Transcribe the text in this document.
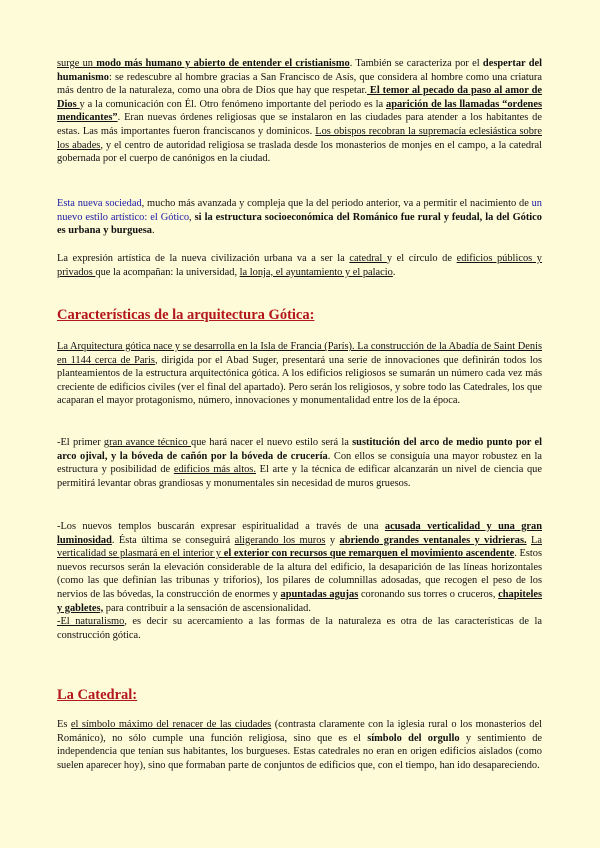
surge un modo más humano y abierto de entender el cristianismo. También se caracteriza por el despertar del humanismo: se redescubre al hombre gracias a San Francisco de Asís, que considera al hombre como una criatura más dentro de la naturaleza, como una obra de Dios que hay que respetar. El temor al pecado da paso al amor de Dios y a la comunicación con Él. Otro fenómeno importante del periodo es la aparición de las llamadas “ordenes mendicantes”. Eran nuevas órdenes religiosas que se instalaron en las ciudades para atender a los habitantes de estas. Las más importantes fueron franciscanos y dominicos. Los obispos recobran la supremacía eclesiástica sobre los abades, y el centro de autoridad religiosa se traslada desde los monasterios de monjes en el campo, a la catedral gobernada por el cuerpo de canónigos en la ciudad.

Esta nueva sociedad, mucho más avanzada y compleja que la del periodo anterior, va a permitir el nacimiento de un nuevo estilo artístico: el Gótico, si la estructura socioeconómica del Románico fue rural y feudal, la del Gótico es urbana y burguesa.

La expresión artística de la nueva civilización urbana va a ser la catedral y el círculo de edificios públicos y privados que la acompañan: la universidad, la lonja, el ayuntamiento y el palacio.

Características de la arquitectura Gótica:

La Arquitectura gótica nace y se desarrolla en la Isla de Francia (París). La construcción de la Abadía de Saint Denis en 1144 cerca de Paris, dirigida por el Abad Suger, presentará una serie de innovaciones que definirán todos los planteamientos de la estructura arquitectónica gótica. A los edificios religiosos se sumarán un número cada vez más creciente de edificios civiles (ver el final del apartado). Pero serán los religiosos, y sobre todo las Catedrales, los que acaparan el mayor protagonismo, número, innovaciones y monumentalidad entre los de la época.

-El primer gran avance técnico que hará nacer el nuevo estilo será la sustitución del arco de medio punto por el arco ojival, y la bóveda de cañón por la bóveda de crucería. Con ellos se consiguía una mayor robustez en la estructura y posibilidad de edificios más altos. El arte y la técnica de edificar alcanzarán un nivel de ciencia que permitirá levantar obras grandiosas y monumentales sin necesidad de muros gruesos.

-Los nuevos templos buscarán expresar espiritualidad a través de una acusada verticalidad y una gran luminosidad. Ésta última se conseguirá aligerando los muros y abriendo grandes ventanales y vidrieras. La verticalidad se plasmará en el interior y el exterior con recursos que remarquen el movimiento ascendente. Estos nuevos recursos serán la elevación considerable de la altura del edificio, la desaparición de las líneas horizontales (como las que definían las tribunas y triforios), los pilares de columnillas adosadas, que recogen el peso de los nervios de las bóvedas, la construcción de enormes y apuntadas agujas coronando sus torres o cruceros, chapiteles y gabletes, para contribuir a la sensación de ascensionalidad.
-El naturalismo, es decir su acercamiento a las formas de la naturaleza es otra de las características de la construcción gótica.

La Catedral:

Es el símbolo máximo del renacer de las ciudades (contrasta claramente con la iglesia rural o los monasterios del Románico), no sólo cumple una función religiosa, sino que es el símbolo del orgullo y sentimiento de independencia que tenían sus habitantes, los burgueses. Estas catedrales no eran en origen edificios aislados (como suelen aparecer hoy), sino que formaban parte de conjuntos de edificios que, con el tiempo, han ido desapareciendo.
